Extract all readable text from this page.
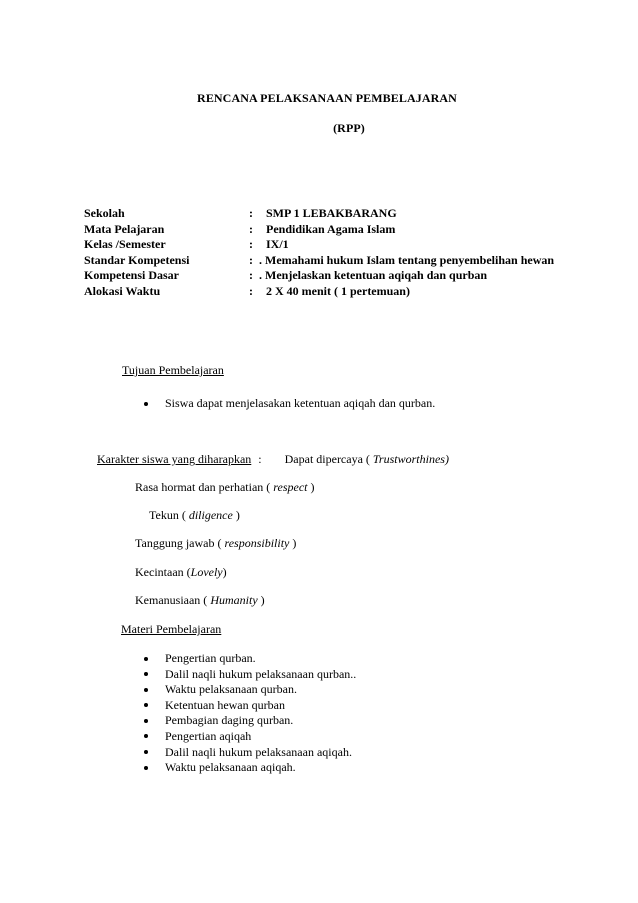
RENCANA PELAKSANAAN PEMBELAJARAN
(RPP)
Sekolah	: SMP 1 LEBAKBARANG
Mata Pelajaran	: Pendidikan Agama Islam
Kelas /Semester	: IX/1
Standar Kompetensi	: . Memahami hukum Islam tentang penyembelihan hewan
Kompetensi Dasar	: . Menjelaskan ketentuan aqiqah dan qurban
Alokasi Waktu	: 2 X 40 menit ( 1 pertemuan)
Tujuan Pembelajaran
Siswa dapat menjelasakan ketentuan aqiqah dan qurban.
Karakter siswa yang diharapkan : Dapat dipercaya ( Trustworthines)
Rasa hormat dan perhatian ( respect )
Tekun ( diligence )
Tanggung jawab ( responsibility )
Kecintaan (Lovely)
Kemanusiaan ( Humanity )
Materi Pembelajaran
Pengertian qurban.
Dalil naqli hukum pelaksanaan qurban..
Waktu pelaksanaan qurban.
Ketentuan hewan qurban
Pembagian daging qurban.
Pengertian aqiqah
Dalil naqli hukum pelaksanaan aqiqah.
Waktu pelaksanaan aqiqah.
